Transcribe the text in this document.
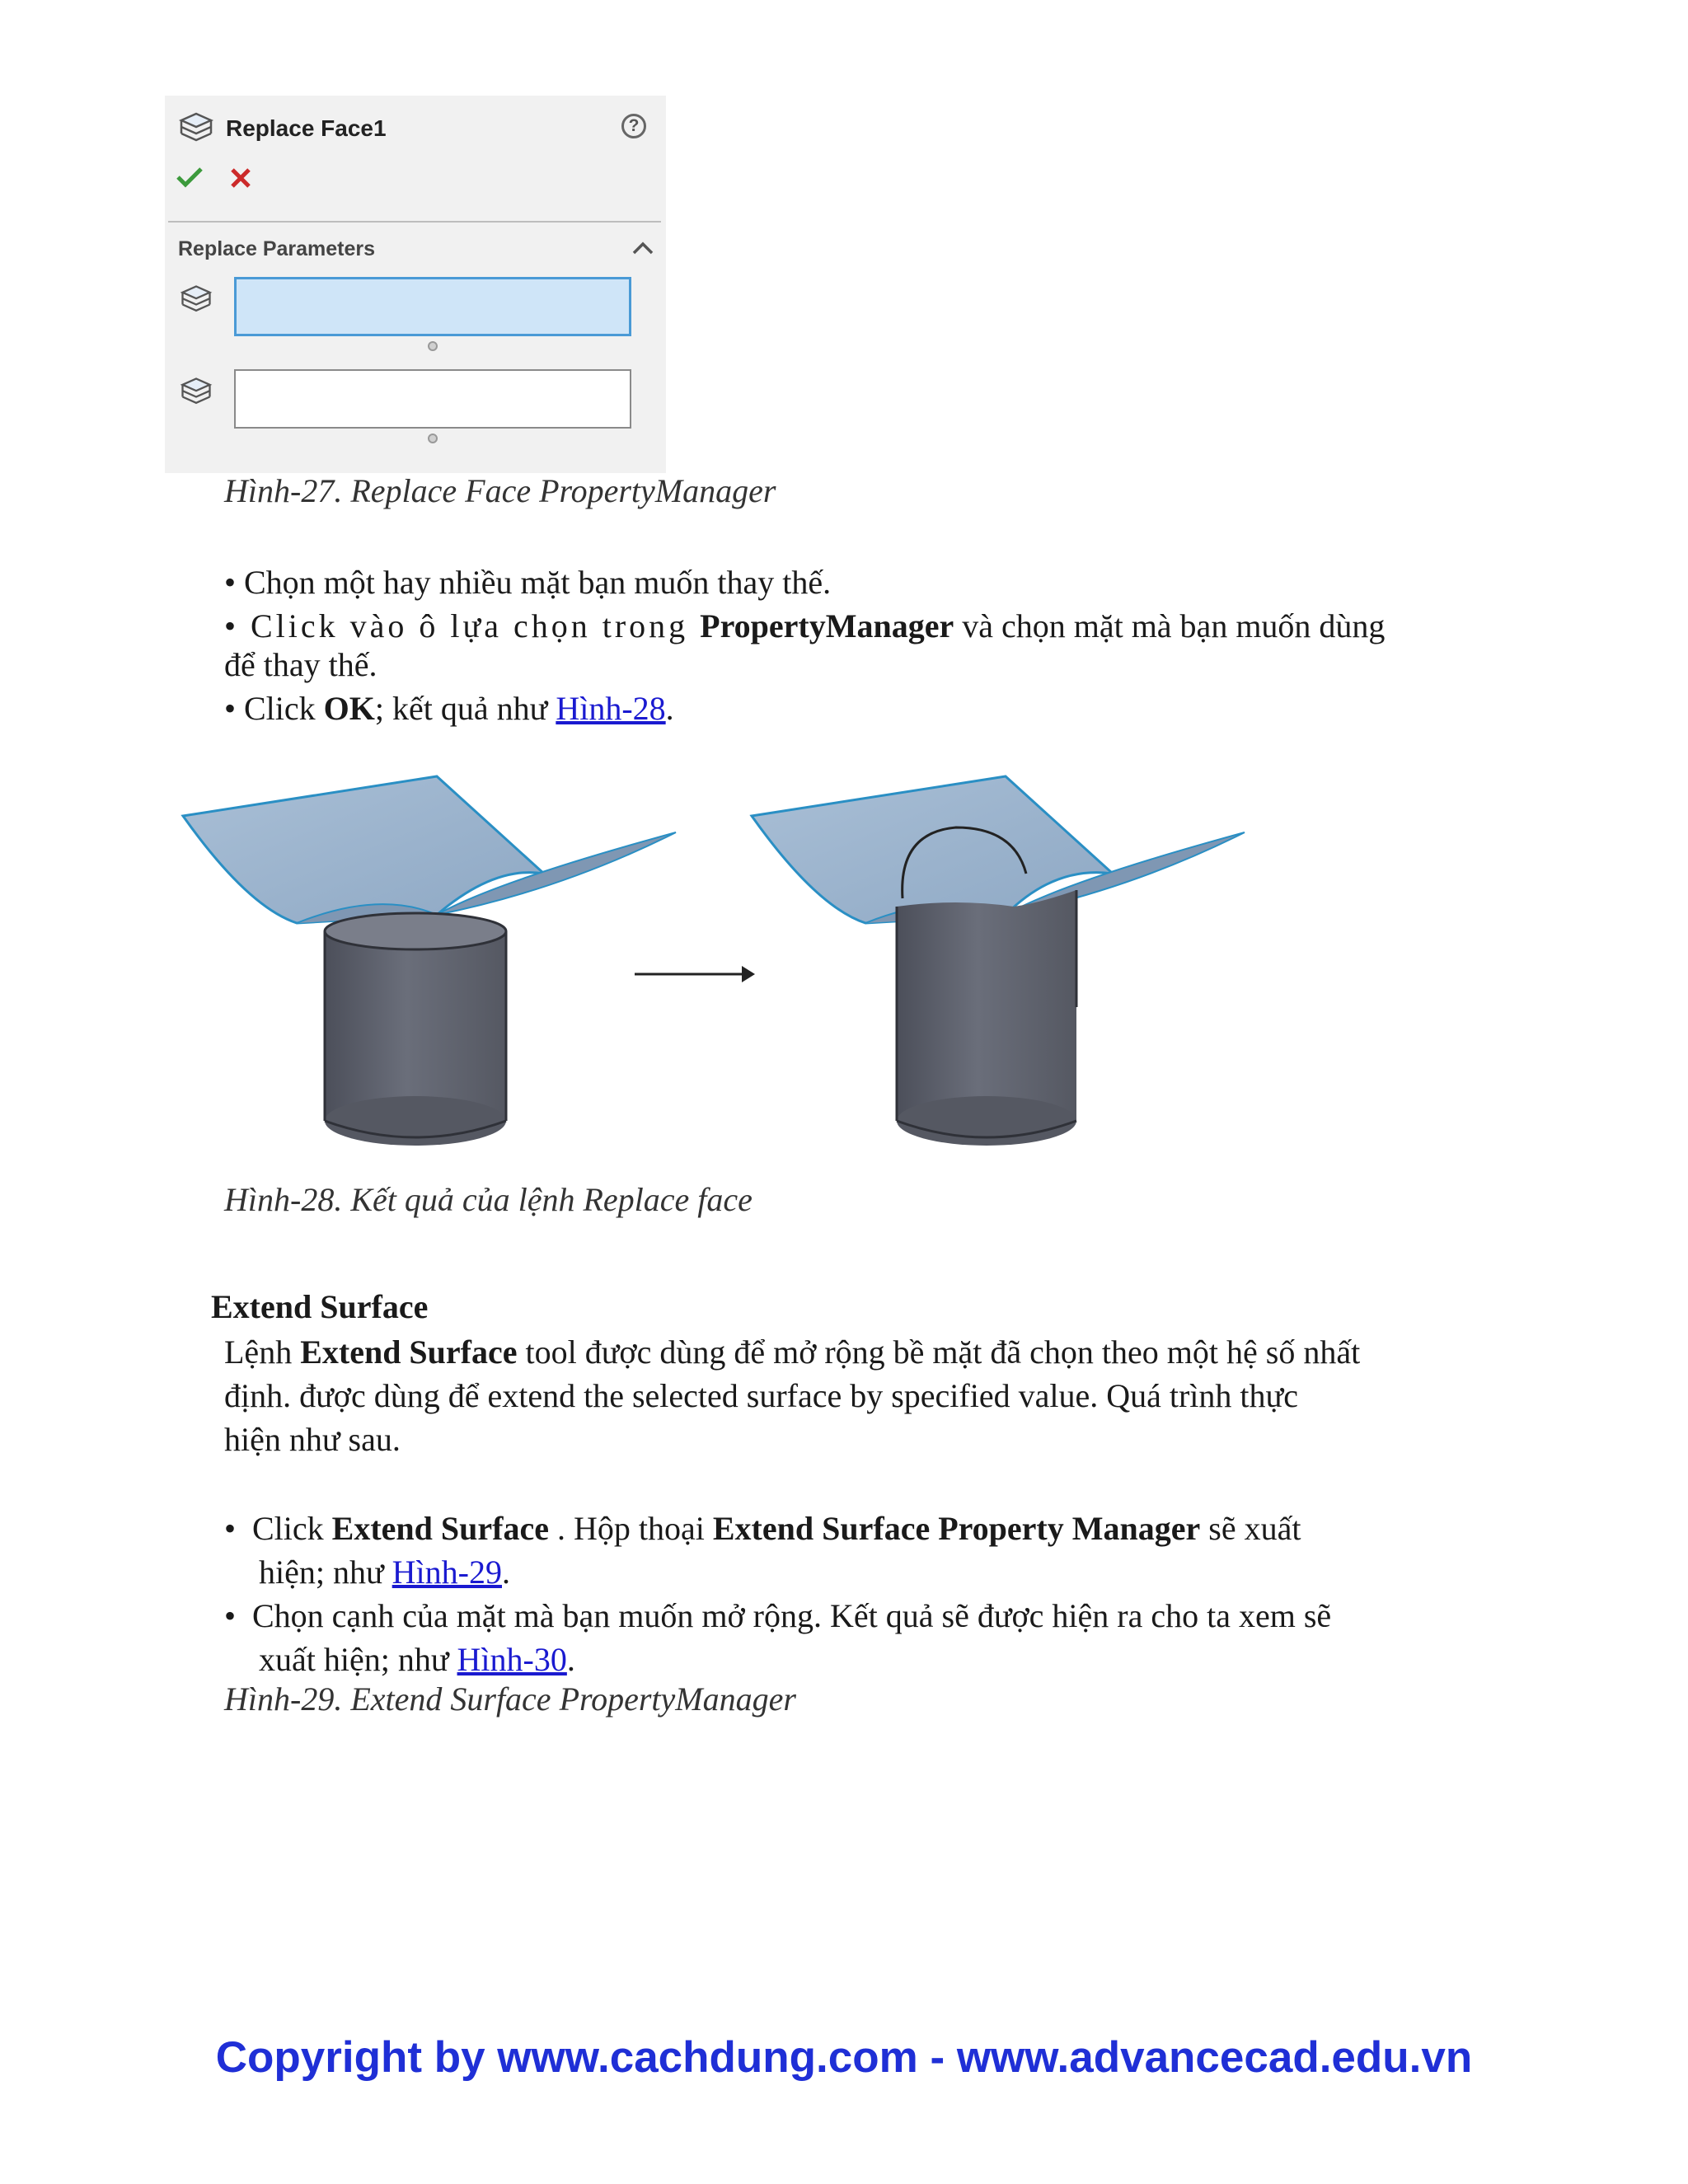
Replace Face1	?
Replace Parameters
Hình-27. Replace Face PropertyManager
• Chọn một hay nhiều mặt bạn muốn thay thế.
• Click vào ô lựa chọn trong PropertyManager và chọn mặt mà bạn muốn dùng
để thay thế.
• Click OK; kết quả như Hình-28.
Hình-28. Kết quả của lệnh Replace face
Extend Surface
Lệnh Extend Surface tool được dùng để mở rộng bề mặt đã chọn theo một hệ số nhất
định. được dùng để extend the selected surface by specified value. Quá trình thực
hiện như sau.
• Click Extend Surface . Hộp thoại Extend Surface Property Manager sẽ xuất
hiện; như Hình-29.
• Chọn cạnh của mặt mà bạn muốn mở rộng. Kết quả sẽ được hiện ra cho ta xem sẽ
xuất hiện; như Hình-30.
Hình-29. Extend Surface PropertyManager
Copyright by www.cachdung.com - www.advancecad.edu.vn
